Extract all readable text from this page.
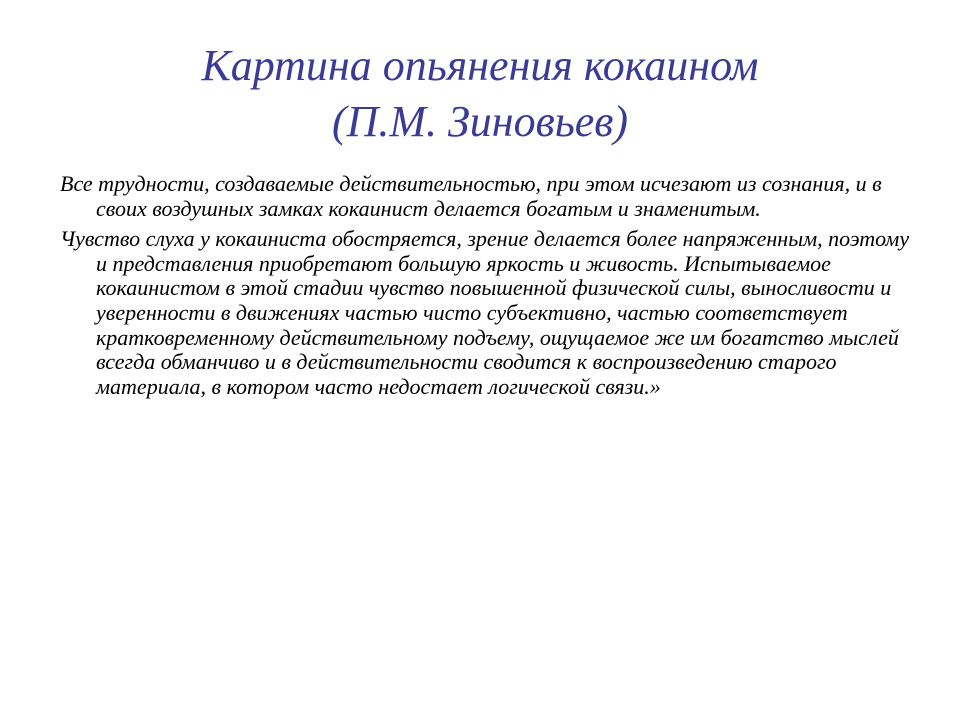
Картина опьянения кокаином
(П.М. Зиновьев)

Все трудности, создаваемые действительностью, при этом исчезают из сознания, и в своих воздушных замках кокаинист делается богатым и знаменитым.

Чувство слуха у кокаиниста обостряется, зрение делается более напряженным, поэтому и представления приобретают большую яркость и живость. Испытываемое кокаинистом в этой стадии чувство повышенной физической силы, выносливости и уверенности в движениях частью чисто субъективно, частью соответствует кратковременному действительному подъему, ощущаемое же им богатство мыслей всегда обманчиво и в действительности сводится к воспроизведению старого материала, в котором часто недостает логической связи.»
